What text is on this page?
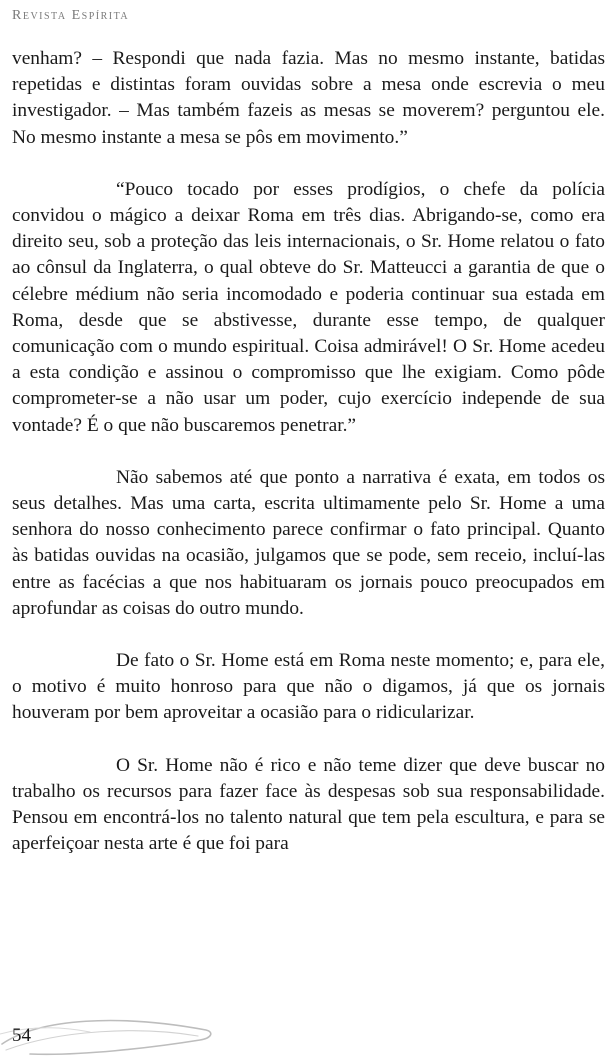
Revista Espírita

venham? – Respondi que nada fazia. Mas no mesmo instante, batidas repetidas e distintas foram ouvidas sobre a mesa onde escrevia o meu investigador. – Mas também fazeis as mesas se moverem? perguntou ele. No mesmo instante a mesa se pôs em movimento.”

“Pouco tocado por esses prodígios, o chefe da polícia convidou o mágico a deixar Roma em três dias. Abrigando-se, como era direito seu, sob a proteção das leis internacionais, o Sr. Home relatou o fato ao cônsul da Inglaterra, o qual obteve do Sr. Matteucci a garantia de que o célebre médium não seria incomodado e poderia continuar sua estada em Roma, desde que se abstivesse, durante esse tempo, de qualquer comunicação com o mundo espiritual. Coisa admirável! O Sr. Home acedeu a esta condição e assinou o compromisso que lhe exigiam. Como pôde comprometer-se a não usar um poder, cujo exercício independe de sua vontade? É o que não buscaremos penetrar.”

Não sabemos até que ponto a narrativa é exata, em todos os seus detalhes. Mas uma carta, escrita ultimamente pelo Sr. Home a uma senhora do nosso conhecimento parece confirmar o fato principal. Quanto às batidas ouvidas na ocasião, julgamos que se pode, sem receio, incluí-las entre as facécias a que nos habituaram os jornais pouco preocupados em aprofundar as coisas do outro mundo.

De fato o Sr. Home está em Roma neste momento; e, para ele, o motivo é muito honroso para que não o digamos, já que os jornais houveram por bem aproveitar a ocasião para o ridicularizar.

O Sr. Home não é rico e não teme dizer que deve buscar no trabalho os recursos para fazer face às despesas sob sua responsabilidade. Pensou em encontrá-los no talento natural que tem pela escultura, e para se aperfeiçoar nesta arte é que foi para

54
